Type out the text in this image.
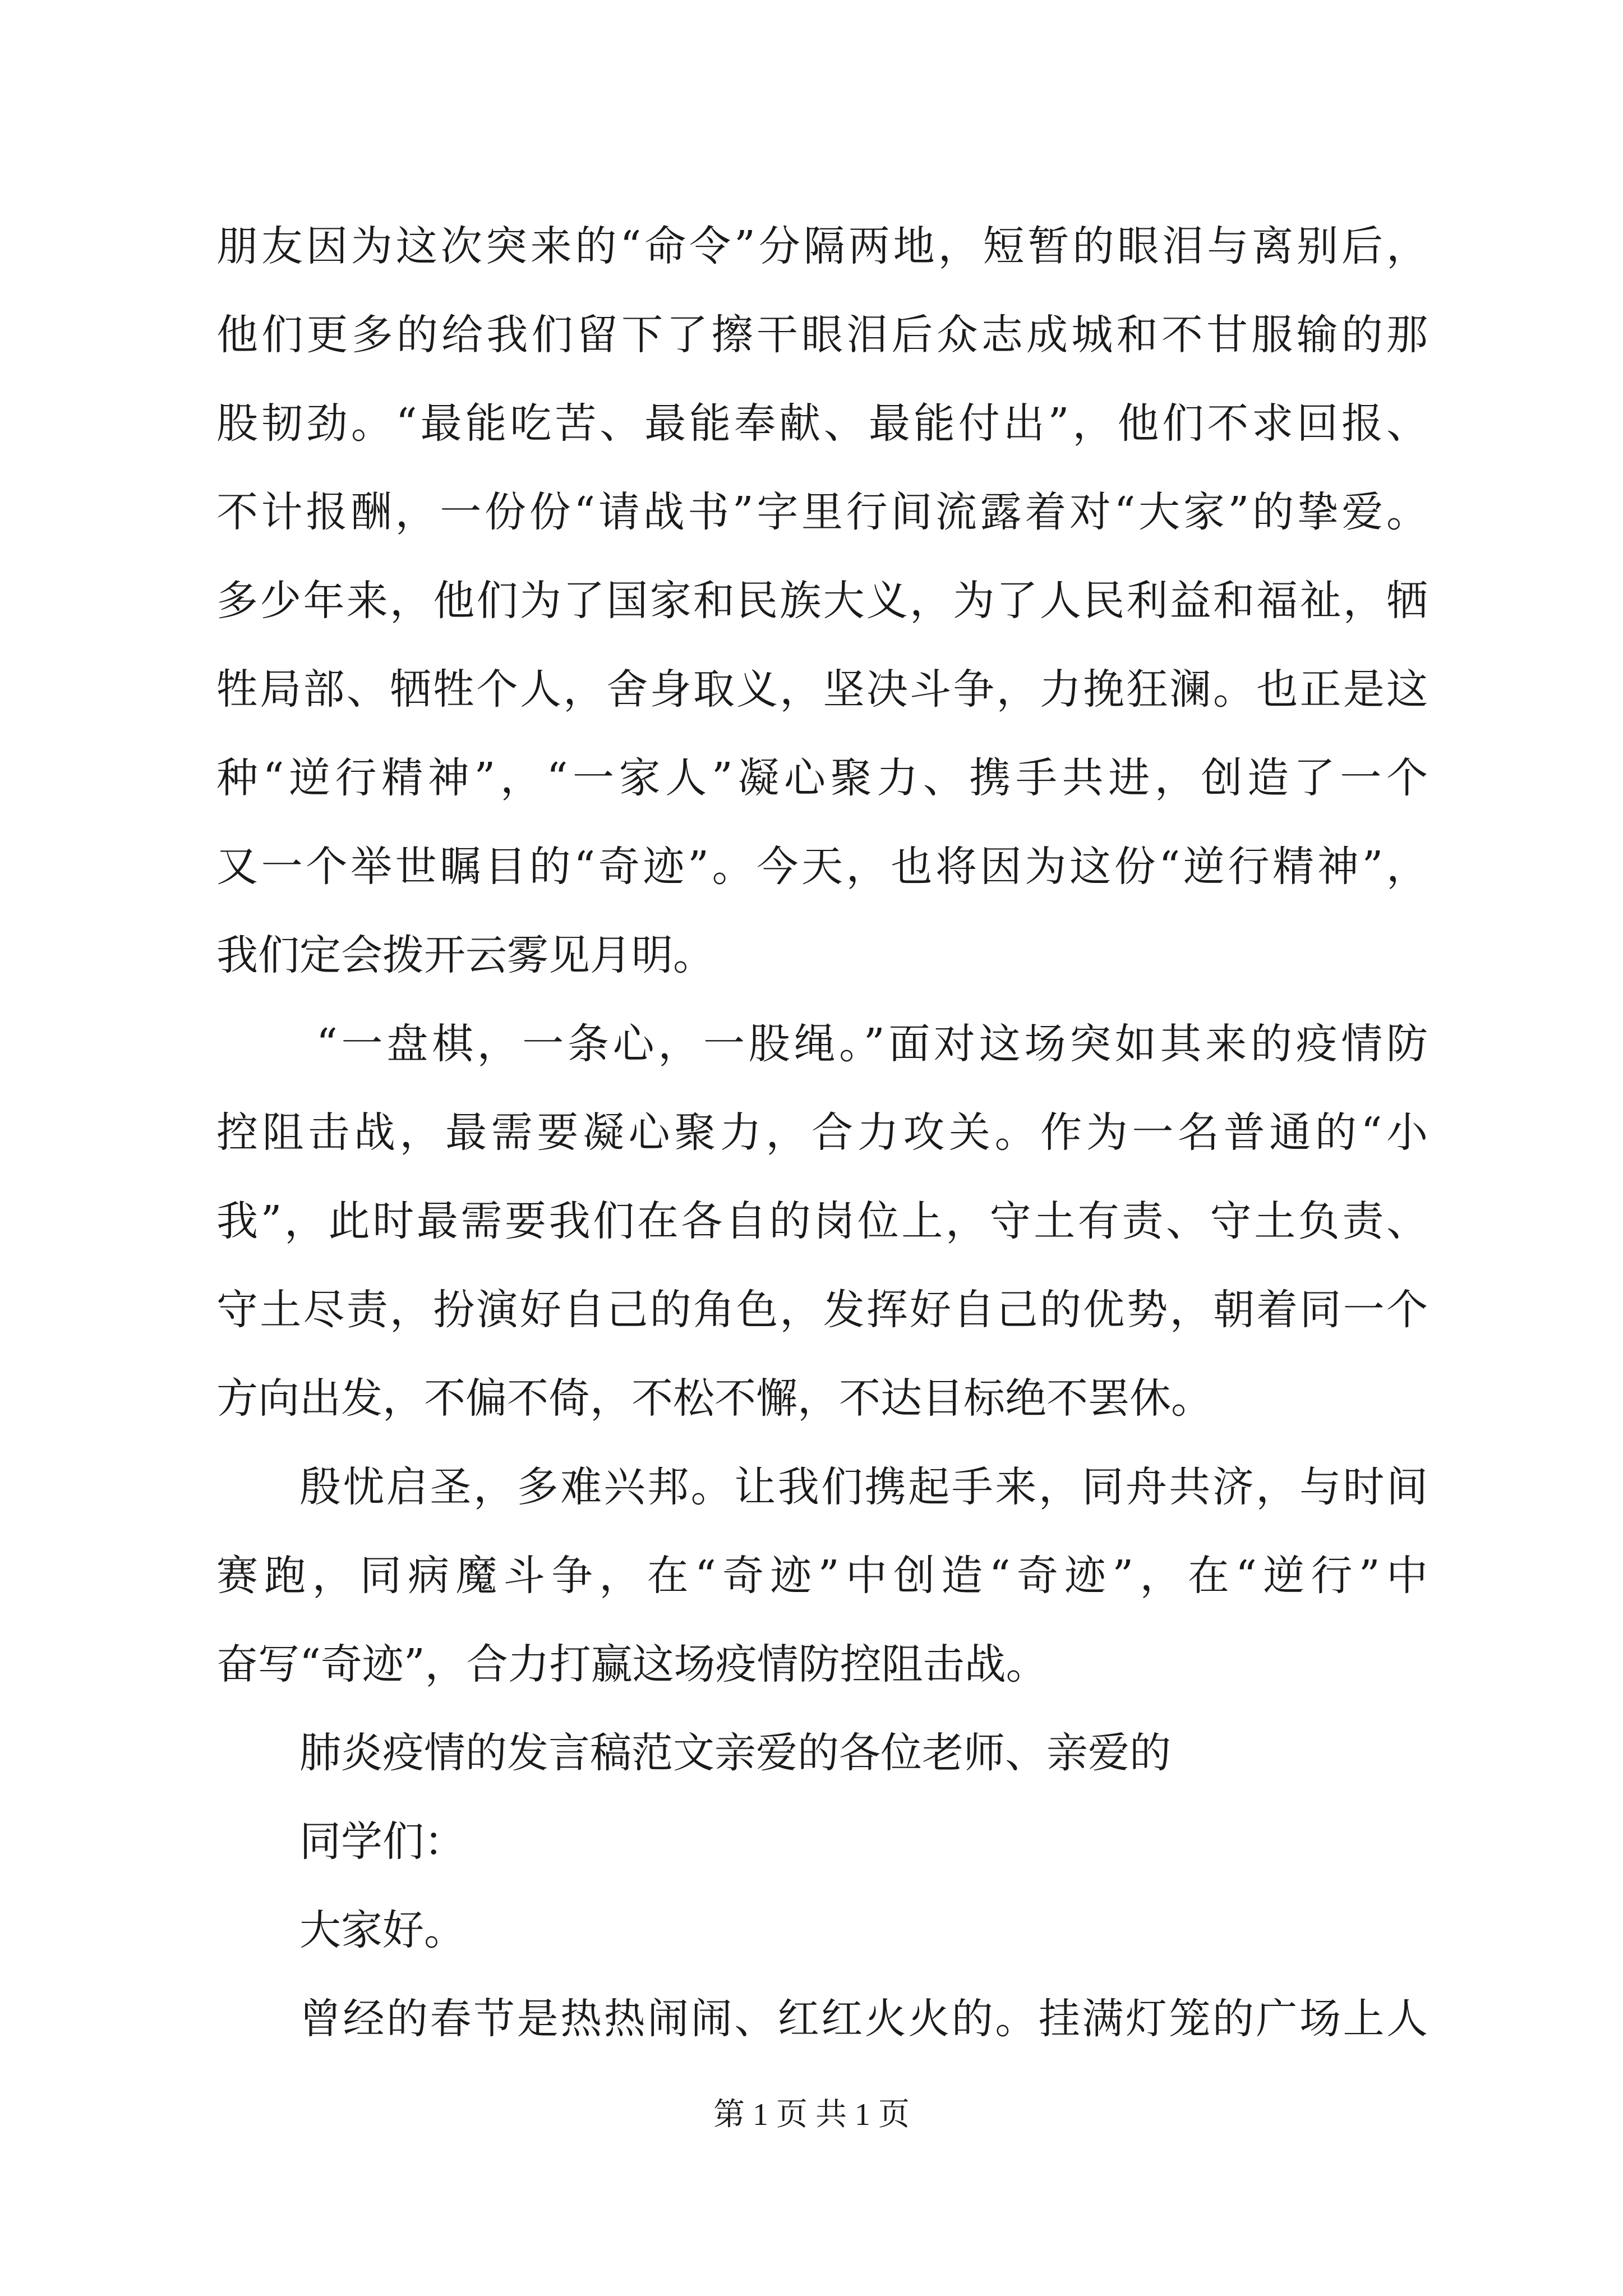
朋友因为这次突来的“命令”分隔两地，短暂的眼泪与离别后，
他们更多的给我们留下了擦干眼泪后众志成城和不甘服输的那
股韧劲。“最能吃苦、最能奉献、最能付出”，他们不求回报、
不计报酬，一份份“请战书”字里行间流露着对“大家”的挚爱。
多少年来，他们为了国家和民族大义，为了人民利益和福祉，牺
牲局部、牺牲个人，舍身取义，坚决斗争，力挽狂澜。也正是这
种“逆行精神”，“一家人”凝心聚力、携手共进，创造了一个
又一个举世瞩目的“奇迹”。今天，也将因为这份“逆行精神”，
我们定会拨开云雾见月明。
“一盘棋，一条心，一股绳。”面对这场突如其来的疫情防
控阻击战，最需要凝心聚力，合力攻关。作为一名普通的“小
我”，此时最需要我们在各自的岗位上，守土有责、守土负责、
守土尽责，扮演好自己的角色，发挥好自己的优势，朝着同一个
方向出发，不偏不倚，不松不懈，不达目标绝不罢休。
殷忧启圣，多难兴邦。让我们携起手来，同舟共济，与时间
赛跑，同病魔斗争，在“奇迹”中创造“奇迹”，在“逆行”中
奋写“奇迹”，合力打赢这场疫情防控阻击战。
肺炎疫情的发言稿范文亲爱的各位老师、亲爱的
同学们：
大家好。
曾经的春节是热热闹闹、红红火火的。挂满灯笼的广场上人
第 1 页 共 1 页
